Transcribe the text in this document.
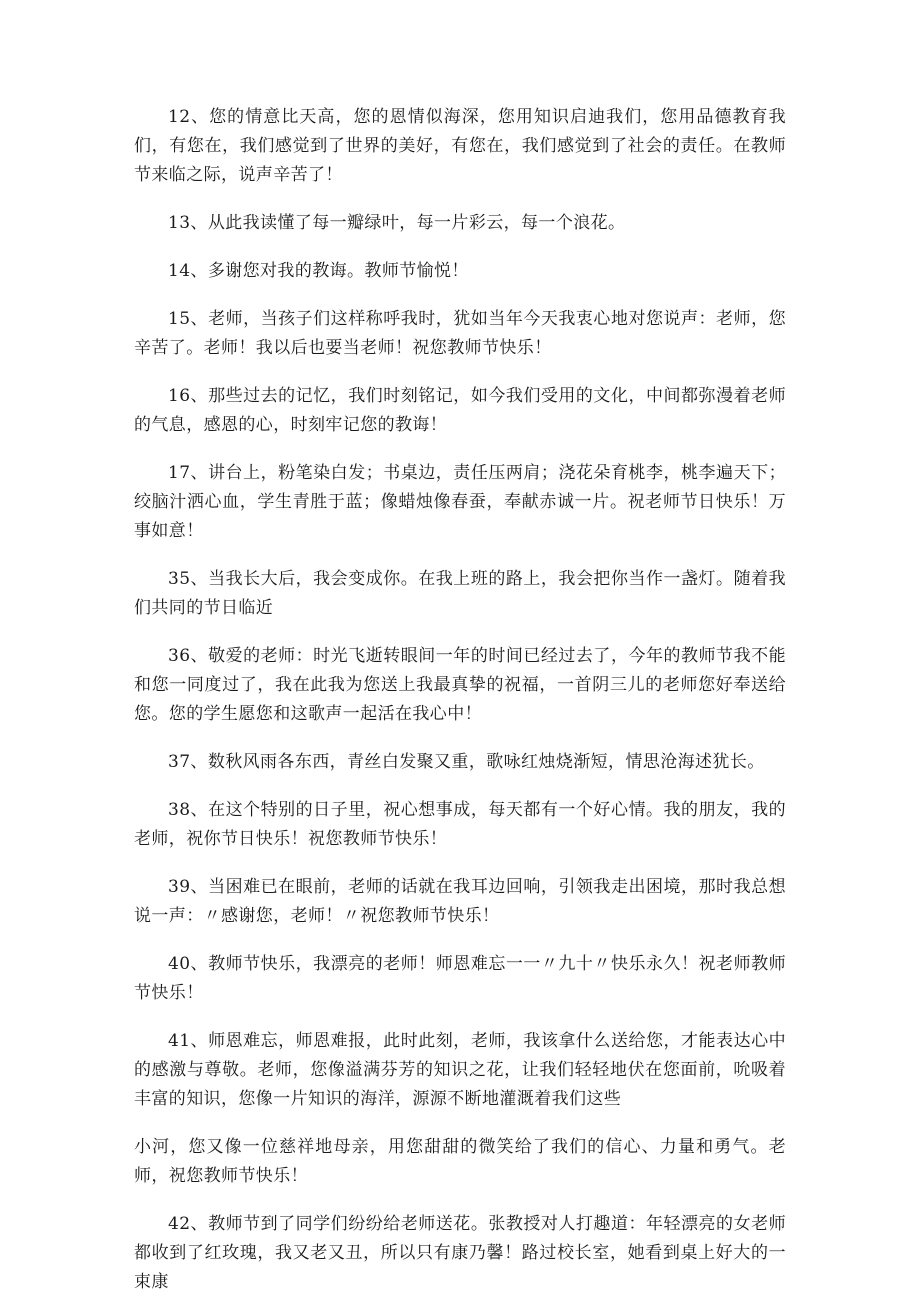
12、您的情意比天高，您的恩情似海深，您用知识启迪我们，您用品德教育我们，有您在，我们感觉到了世界的美好，有您在，我们感觉到了社会的责任。在教师节来临之际，说声辛苦了！

13、从此我读懂了每一瓣绿叶，每一片彩云，每一个浪花。

14、多谢您对我的教诲。教师节愉悦！

15、老师，当孩子们这样称呼我时，犹如当年今天我衷心地对您说声：老师，您辛苦了。老师！我以后也要当老师！祝您教师节快乐！

16、那些过去的记忆，我们时刻铭记，如今我们受用的文化，中间都弥漫着老师的气息，感恩的心，时刻牢记您的教诲！

17、讲台上，粉笔染白发；书桌边，责任压两肩；浇花朵育桃李，桃李遍天下；绞脑汁洒心血，学生青胜于蓝；像蜡烛像春蚕，奉献赤诚一片。祝老师节日快乐！万事如意！

35、当我长大后，我会变成你。在我上班的路上，我会把你当作一盏灯。随着我们共同的节日临近

36、敬爱的老师：时光飞逝转眼间一年的时间已经过去了，今年的教师节我不能和您一同度过了，我在此我为您送上我最真挚的祝福，一首阴三儿的老师您好奉送给您。您的学生愿您和这歌声一起活在我心中！

37、数秋风雨各东西，青丝白发聚又重，歌咏红烛烧渐短，情思沧海述犹长。

38、在这个特别的日子里，祝心想事成，每天都有一个好心情。我的朋友，我的老师，祝你节日快乐！祝您教师节快乐！

39、当困难已在眼前，老师的话就在我耳边回响，引领我走出困境，那时我总想说一声：〃感谢您，老师！〃祝您教师节快乐！

40、教师节快乐，我漂亮的老师！师恩难忘一一〃九十〃快乐永久！祝老师教师节快乐！

41、师恩难忘，师恩难报，此时此刻，老师，我该拿什么送给您，才能表达心中的感激与尊敬。老师，您像溢满芬芳的知识之花，让我们轻轻地伏在您面前，吮吸着丰富的知识，您像一片知识的海洋，源源不断地灌溉着我们这些

小河，您又像一位慈祥地母亲，用您甜甜的微笑给了我们的信心、力量和勇气。老师，祝您教师节快乐！

42、教师节到了同学们纷纷给老师送花。张教授对人打趣道：年轻漂亮的女老师都收到了红玫瑰，我又老又丑，所以只有康乃馨！路过校长室，她看到桌上好大的一束康
